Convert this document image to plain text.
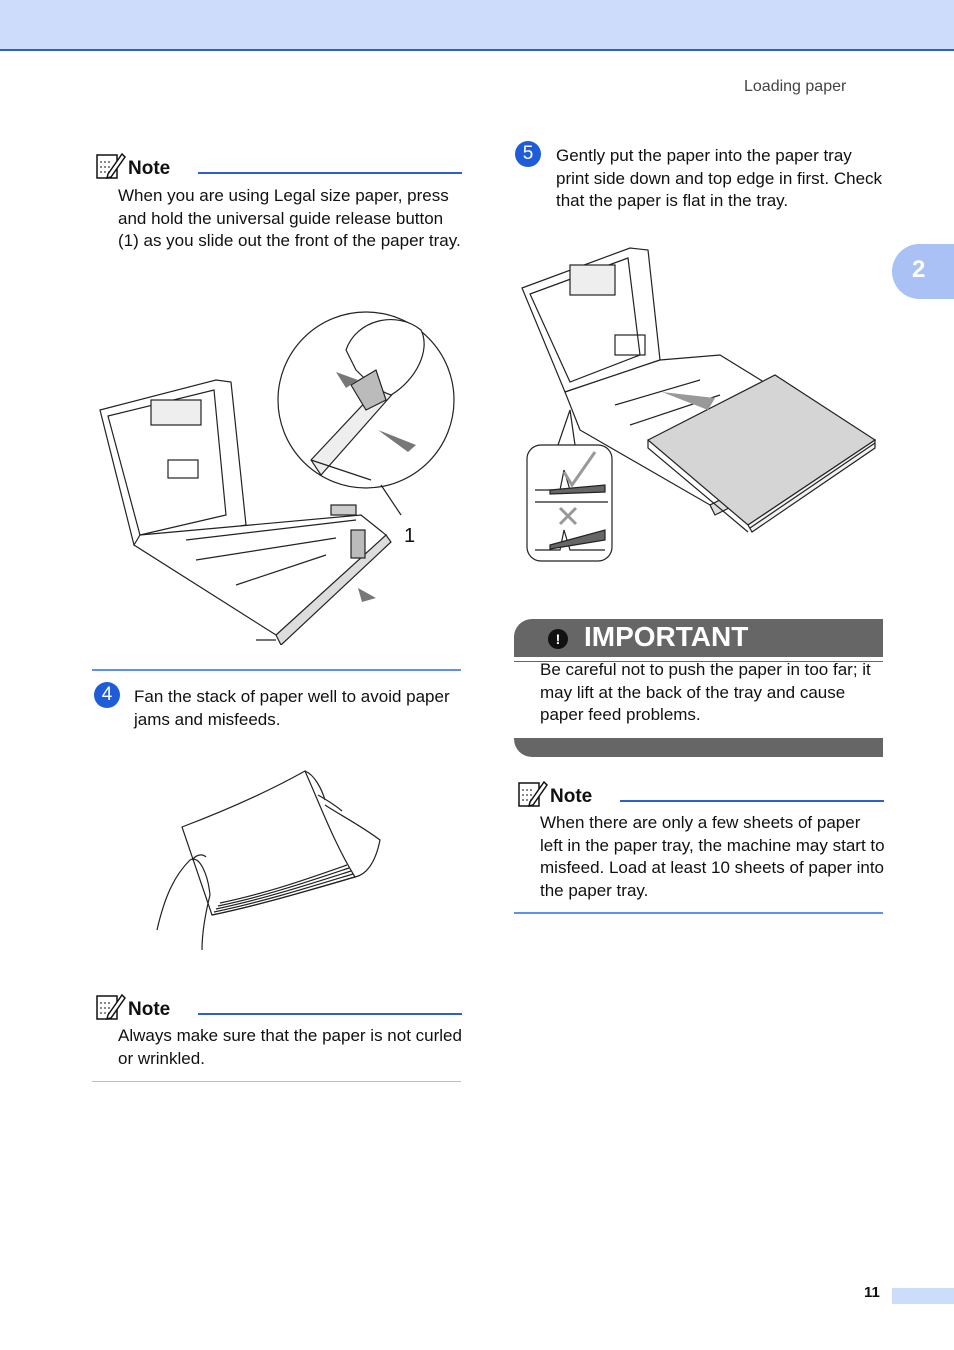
Loading paper
2
Note
When you are using Legal size paper, press and hold the universal guide release button (1) as you slide out the front of the paper tray.
1
4	Fan the stack of paper well to avoid paper jams and misfeeds.
Note
Always make sure that the paper is not curled or wrinkled.
5	Gently put the paper into the paper tray print side down and top edge in first. Check that the paper is flat in the tray.
! IMPORTANT
Be careful not to push the paper in too far; it may lift at the back of the tray and cause paper feed problems.
Note
When there are only a few sheets of paper left in the paper tray, the machine may start to misfeed. Load at least 10 sheets of paper into the paper tray.
11
